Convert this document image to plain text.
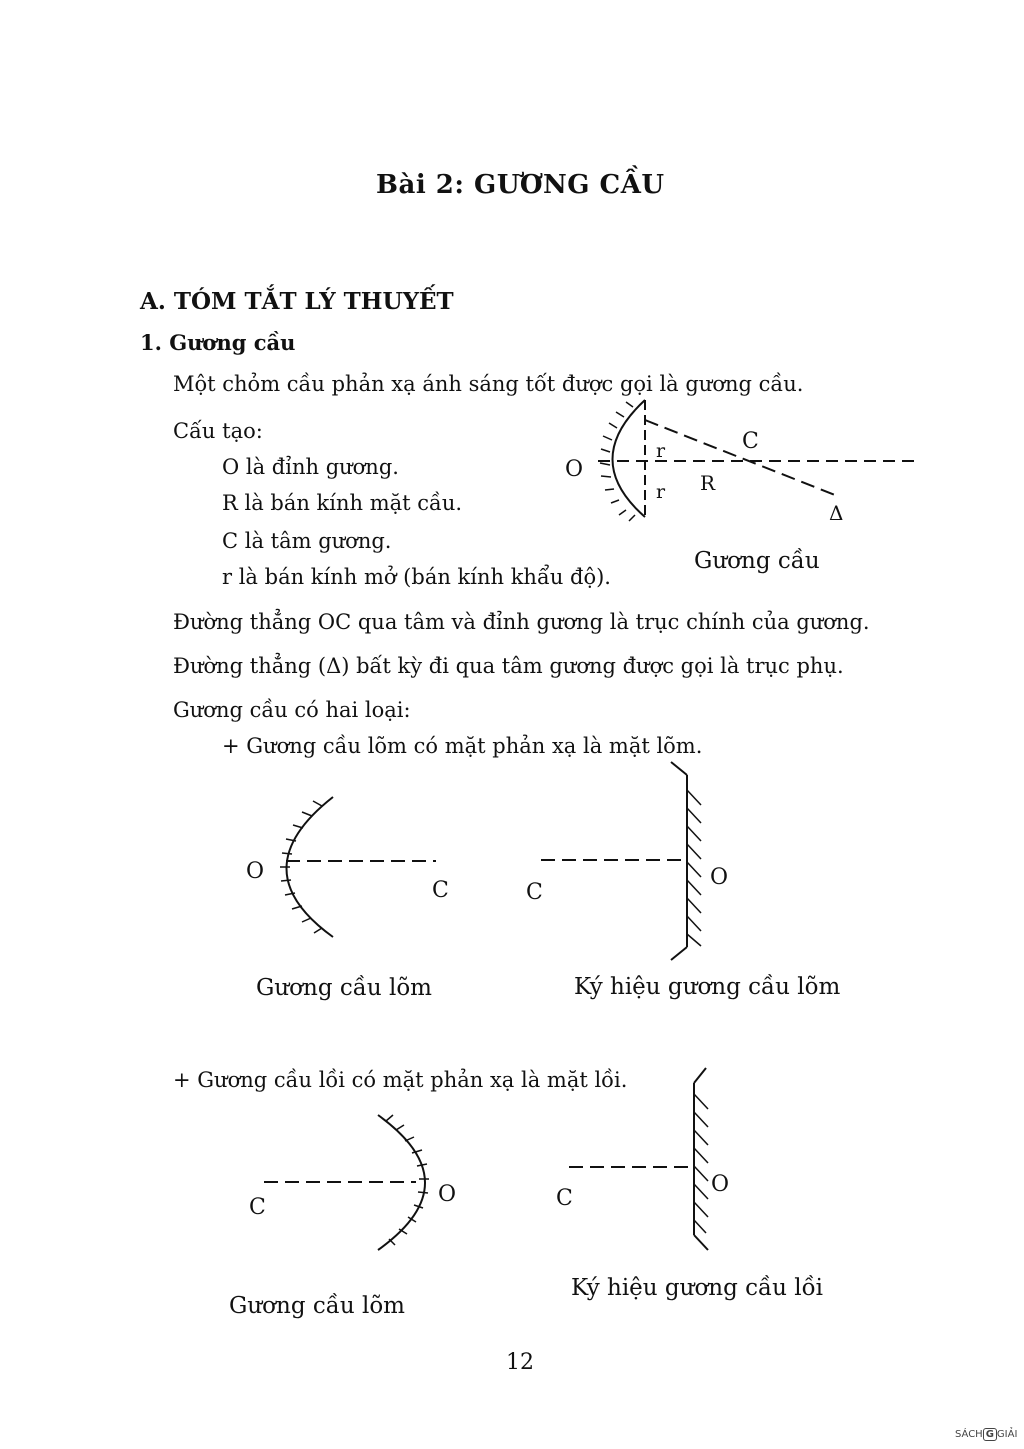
Bài 2: GƯƠNG CẦU
A. TÓM TẮT LÝ THUYẾT
1. Gương cầu
Một chỏm cầu phản xạ ánh sáng tốt được gọi là gương cầu.
Cấu tạo:
O là đỉnh gương.
R là bán kính mặt cầu.
C là tâm gương.
r là bán kính mở (bán kính khẩu độ).
Đường thẳng OC qua tâm và đỉnh gương là trục chính của gương.
Đường thẳng (Δ) bất kỳ đi qua tâm gương được gọi là trục phụ.
Gương cầu có hai loại:
+ Gương cầu lõm có mặt phản xạ là mặt lõm.
+ Gương cầu lồi có mặt phản xạ là mặt lồi.
O
r
r R
C
Δ
Gương cầu
O
C
Gương cầu lõm
C
O
Ký hiệu gương cầu lõm
C
O
Gương cầu lõm
C
O
Ký hiệu gương cầu lồi
12
SÁCH G GIẢI
